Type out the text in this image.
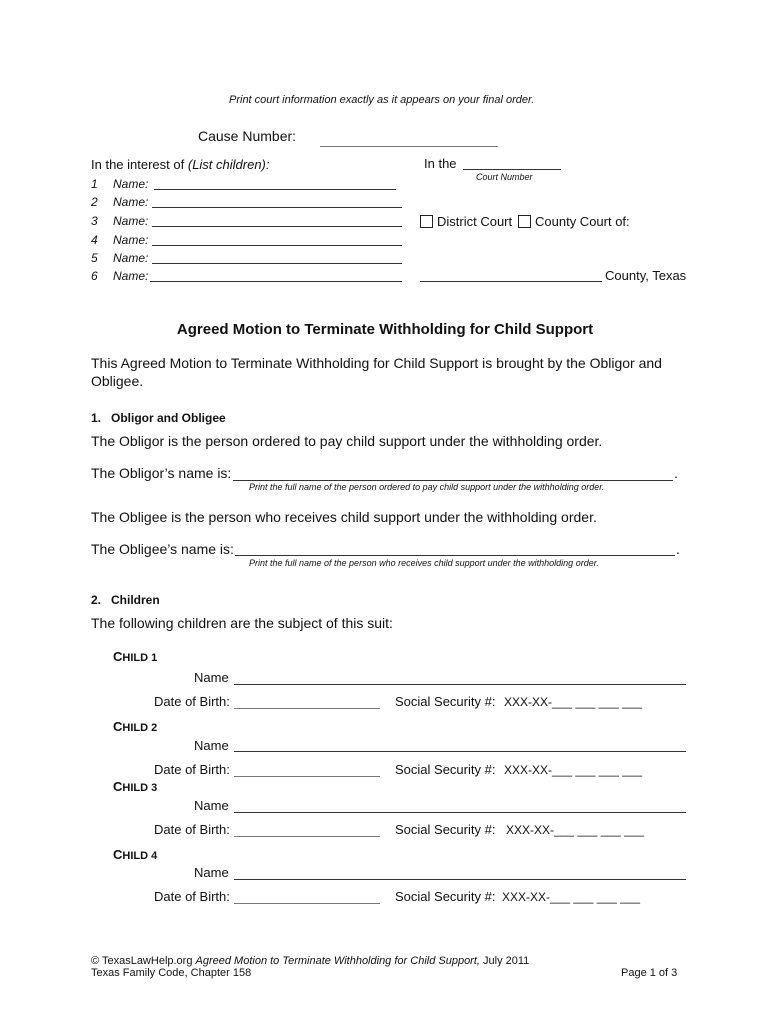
Print court information exactly as it appears on your final order.
Cause Number:
In the interest of (List children):
1 Name:
2 Name:
3 Name:
4 Name:
5 Name:
6 Name:
In the
Court Number
District Court County Court of:
County, Texas
Agreed Motion to Terminate Withholding for Child Support
This Agreed Motion to Terminate Withholding for Child Support is brought by the Obligor and
Obligee.
1.   Obligor and Obligee
The Obligor is the person ordered to pay child support under the withholding order.
The Obligor’s name is:	.
Print the full name of the person ordered to pay child support under the withholding order.
The Obligee is the person who receives child support under the withholding order.
The Obligee’s name is:	.
Print the full name of the person who receives child support under the withholding order.
2.   Children
The following children are the subject of this suit:
CHILD 1
Name
Date of Birth:	Social Security #: XXX-XX-___ ___ ___ ___
CHILD 2
Name
Date of Birth:	Social Security #: XXX-XX-___ ___ ___ ___
CHILD 3
Name
Date of Birth:	Social Security #: XXX-XX-___ ___ ___ ___
CHILD 4
Name
Date of Birth:	Social Security #: XXX-XX-___ ___ ___ ___
© TexasLawHelp.org Agreed Motion to Terminate Withholding for Child Support, July 2011
Texas Family Code, Chapter 158	Page 1 of 3
